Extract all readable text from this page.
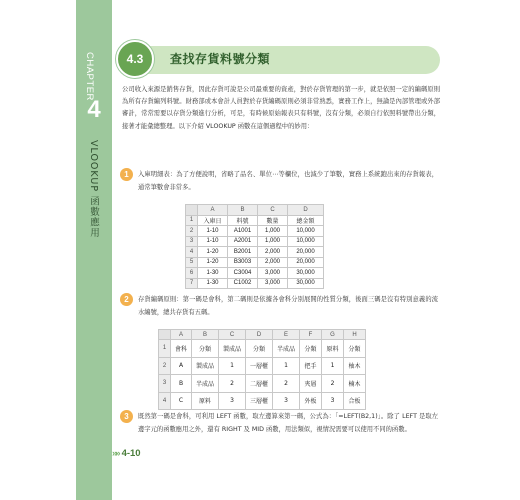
CHAPTER
4
VLOOKUP 函數應用
»» 4-10
4.3	查找存貨料號分類
公司收入來源是銷售存貨，因此存貨可說是公司最重要的資產，對於存貨管理的第一步，就是依照一定的編碼原則為所有存貨編列料號。財務部或本會計人員對於存貨編碼原則必須非常熟悉，實務工作上，無論是內部管理或外部審計，常常需要以存貨分類進行分析，可是，有時候原始報表只有料號，沒有分類，必須自行依照料號帶出分類，接著才能彙總整理。以下介紹 VLOOKUP 函數在這個過程中的妙用：
1	入庫明細表：為了方便說明，省略了品名、單位⋯等欄位，也減少了筆數，實務上系統跑出來的存貨報表，通常筆數會非常多。
	A	B	C	D
1	入庫日	料號	數量	總金額
2	1-10	A1001	1,000	10,000
3	1-10	A2001	1,000	10,000
4	1-20	B2001	2,000	20,000
5	1-20	B3003	2,000	20,000
6	1-30	C3004	3,000	30,000
7	1-30	C1002	3,000	30,000
2	存貨編碼原則：第一碼是會科，第二碼則是依據各會科分別展開的性質分類，後面三碼是沒有特別意義的流水編號，總共存貨有五碼。
	A	B	C	D	E	F	G	H
1	會科	分類	製成品	分類	半成品	分類	原料	分類
2	A	製成品	1	一層櫃	1	把手	1	柚木
3	B	半成品	2	二層櫃	2	夾層	2	楠木
4	C	原料	3	三層櫃	3	外板	3	合板
3	既然第一碼是會科，可利用 LEFT 函數，取左邊算來第一碼，公式為：「=LEFT(B2,1)」。除了 LEFT 是取左邊字元的函數應用之外，還有 RIGHT 及 MID 函數，用法類似，視情況需要可以使用不同的函數。
